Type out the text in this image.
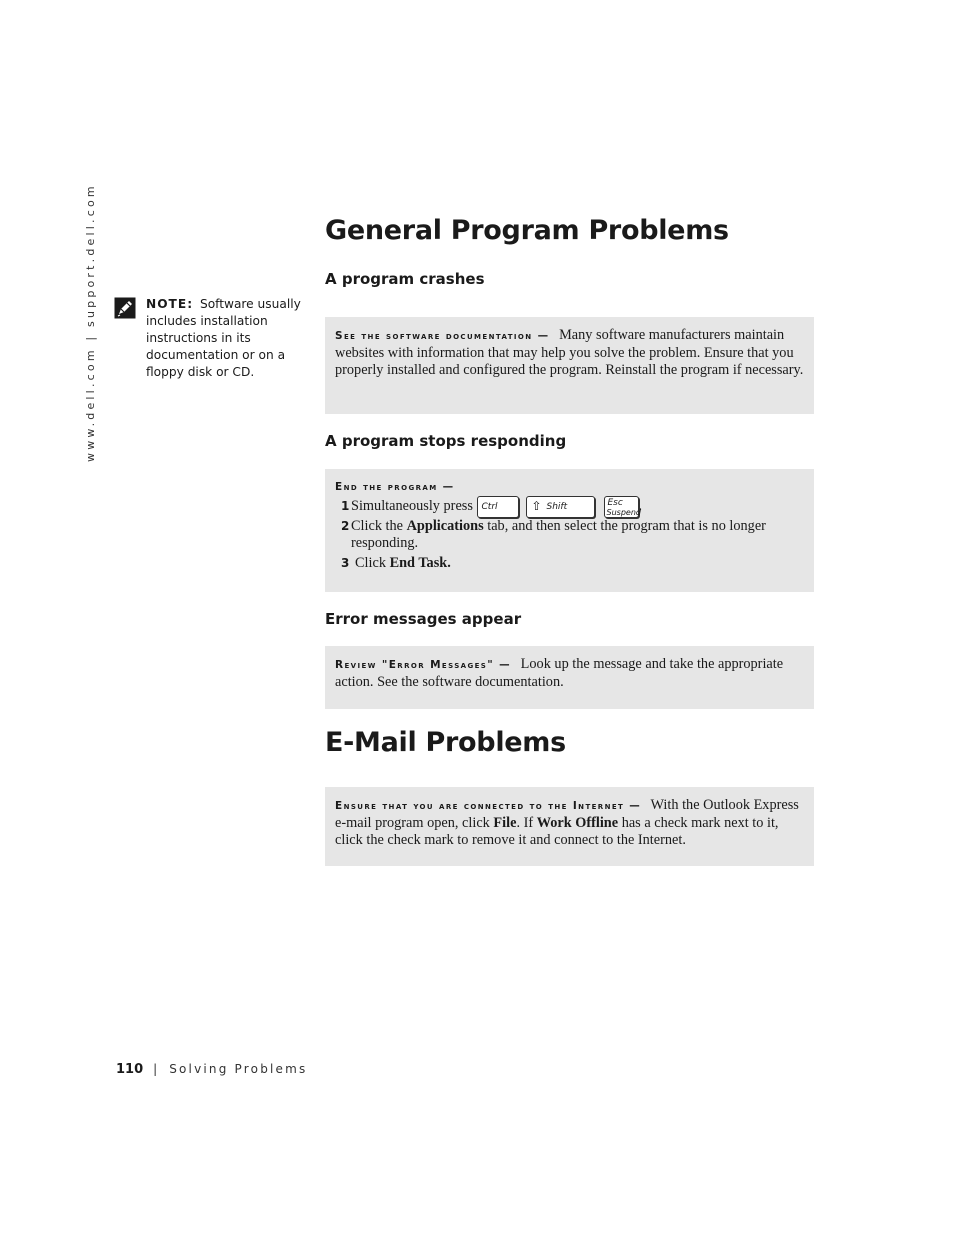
www.dell.com | support.dell.com	NOTE: Software usually includes installation instructions in its documentation or on a floppy disk or CD.
General Program Problems
A program crashes
See the software documentation — Many software manufacturers maintain websites with information that may help you solve the problem. Ensure that you properly installed and configured the program. Reinstall the program if necessary.
A program stops responding
End the program —
1 Simultaneously press Ctrl	⇧ Shift	Esc
Suspend
.
2 Click the Applications tab, and then select the program that is no longer responding.
3 Click End Task.
Error messages appear
Review "Error Messages" — Look up the message and take the appropriate action. See the software documentation.
E-Mail Problems
Ensure that you are connected to the Internet — With the Outlook Express e-mail program open, click File. If Work Offline has a check mark next to it, click the check mark to remove it and connect to the Internet.
110 | Solving Problems
